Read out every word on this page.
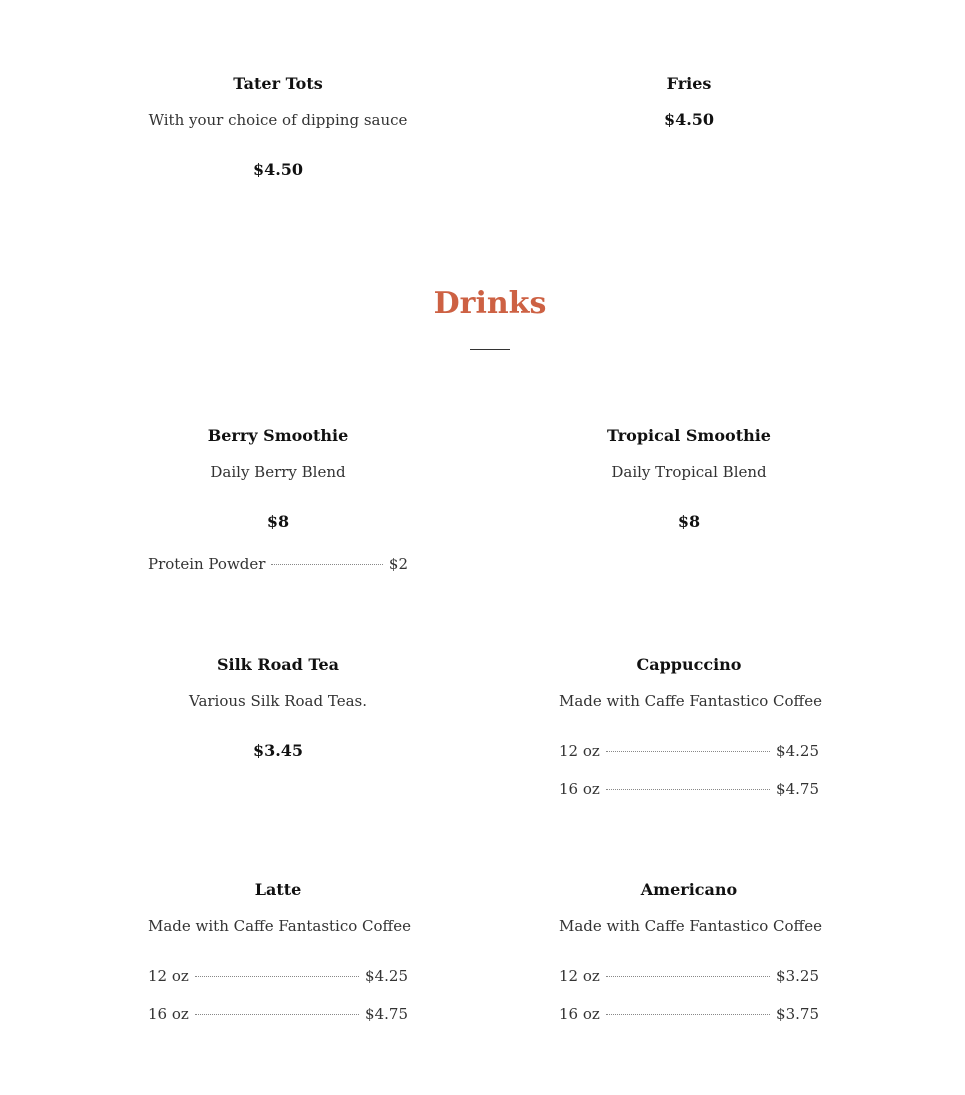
Tater Tots
With your choice of dipping sauce
$4.50
Fries
$4.50
Drinks
Berry Smoothie
Daily Berry Blend
$8
Protein Powder	$2
Tropical Smoothie
Daily Tropical Blend
$8
Silk Road Tea
Various Silk Road Teas.
$3.45
Cappuccino
Made with Caffe Fantastico Coffee
12 oz	$4.25
16 oz	$4.75
Latte
Made with Caffe Fantastico Coffee
12 oz	$4.25
16 oz	$4.75
Americano
Made with Caffe Fantastico Coffee
12 oz	$3.25
16 oz	$3.75
